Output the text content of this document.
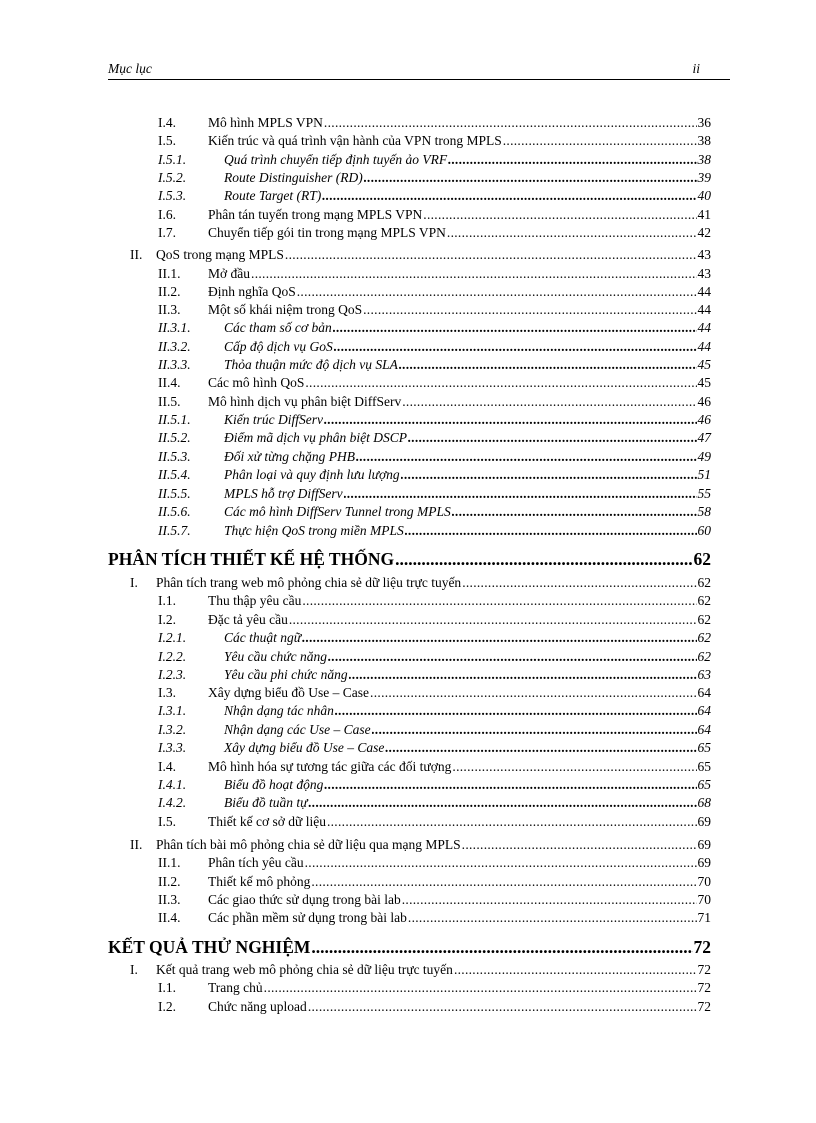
Mục lục	ii
I.4.	Mô hình MPLS VPN .....	36
I.5.	Kiến trúc và quá trình vận hành của VPN trong MPLS .....	38
I.5.1.	Quá trình chuyển tiếp định tuyến ảo VRF .....	38
I.5.2.	Route Distinguisher (RD) .....	39
I.5.3.	Route Target (RT) .....	40
I.6.	Phân tán tuyến trong mạng MPLS VPN .....	41
I.7.	Chuyển tiếp gói tin trong mạng MPLS VPN .....	42
II.	QoS trong mạng MPLS .....	43
II.1.	Mở đầu .....	43
II.2.	Định nghĩa QoS .....	44
II.3.	Một số khái niệm trong QoS .....	44
II.3.1.	Các tham số cơ bản .....	44
II.3.2.	Cấp độ dịch vụ GoS .....	44
II.3.3.	Thỏa thuận mức độ dịch vụ SLA .....	45
II.4.	Các mô hình QoS .....	45
II.5.	Mô hình dịch vụ phân biệt DiffServ .....	46
II.5.1.	Kiến trúc DiffServ .....	46
II.5.2.	Điểm mã dịch vụ phân biệt DSCP .....	47
II.5.3.	Đối xử từng chặng PHB .....	49
II.5.4.	Phân loại và quy định lưu lượng .....	51
II.5.5.	MPLS hỗ trợ DiffServ .....	55
II.5.6.	Các mô hình DiffServ Tunnel trong MPLS .....	58
II.5.7.	Thực hiện QoS trong miền MPLS .....	60
PHÂN TÍCH THIẾT KẾ HỆ THỐNG .....	62
I.	Phân tích trang web mô phỏng chia sẻ dữ liệu trực tuyến .....	62
I.1.	Thu thập yêu cầu .....	62
I.2.	Đặc tả yêu cầu .....	62
I.2.1.	Các thuật ngữ .....	62
I.2.2.	Yêu cầu chức năng .....	62
I.2.3.	Yêu cầu phi chức năng .....	63
I.3.	Xây dựng biểu đồ Use – Case .....	64
I.3.1.	Nhận dạng tác nhân .....	64
I.3.2.	Nhận dạng các Use – Case .....	64
I.3.3.	Xây dựng biểu đồ Use – Case .....	65
I.4.	Mô hình hóa sự tương tác giữa các đối tượng .....	65
I.4.1.	Biểu đồ hoạt động .....	65
I.4.2.	Biểu đồ tuần tự .....	68
I.5.	Thiết kế cơ sở dữ liệu .....	69
II.	Phân tích bài mô phỏng chia sẻ dữ liệu qua mạng MPLS .....	69
II.1.	Phân tích yêu cầu .....	69
II.2.	Thiết kế mô phỏng .....	70
II.3.	Các giao thức sử dụng trong bài lab .....	70
II.4.	Các phần mềm sử dụng trong bài lab .....	71
KẾT QUẢ THỬ NGHIỆM .....	72
I.	Kết quả trang web mô phỏng chia sẻ dữ liệu trực tuyến .....	72
I.1.	Trang chủ .....	72
I.2.	Chức năng upload .....	72
